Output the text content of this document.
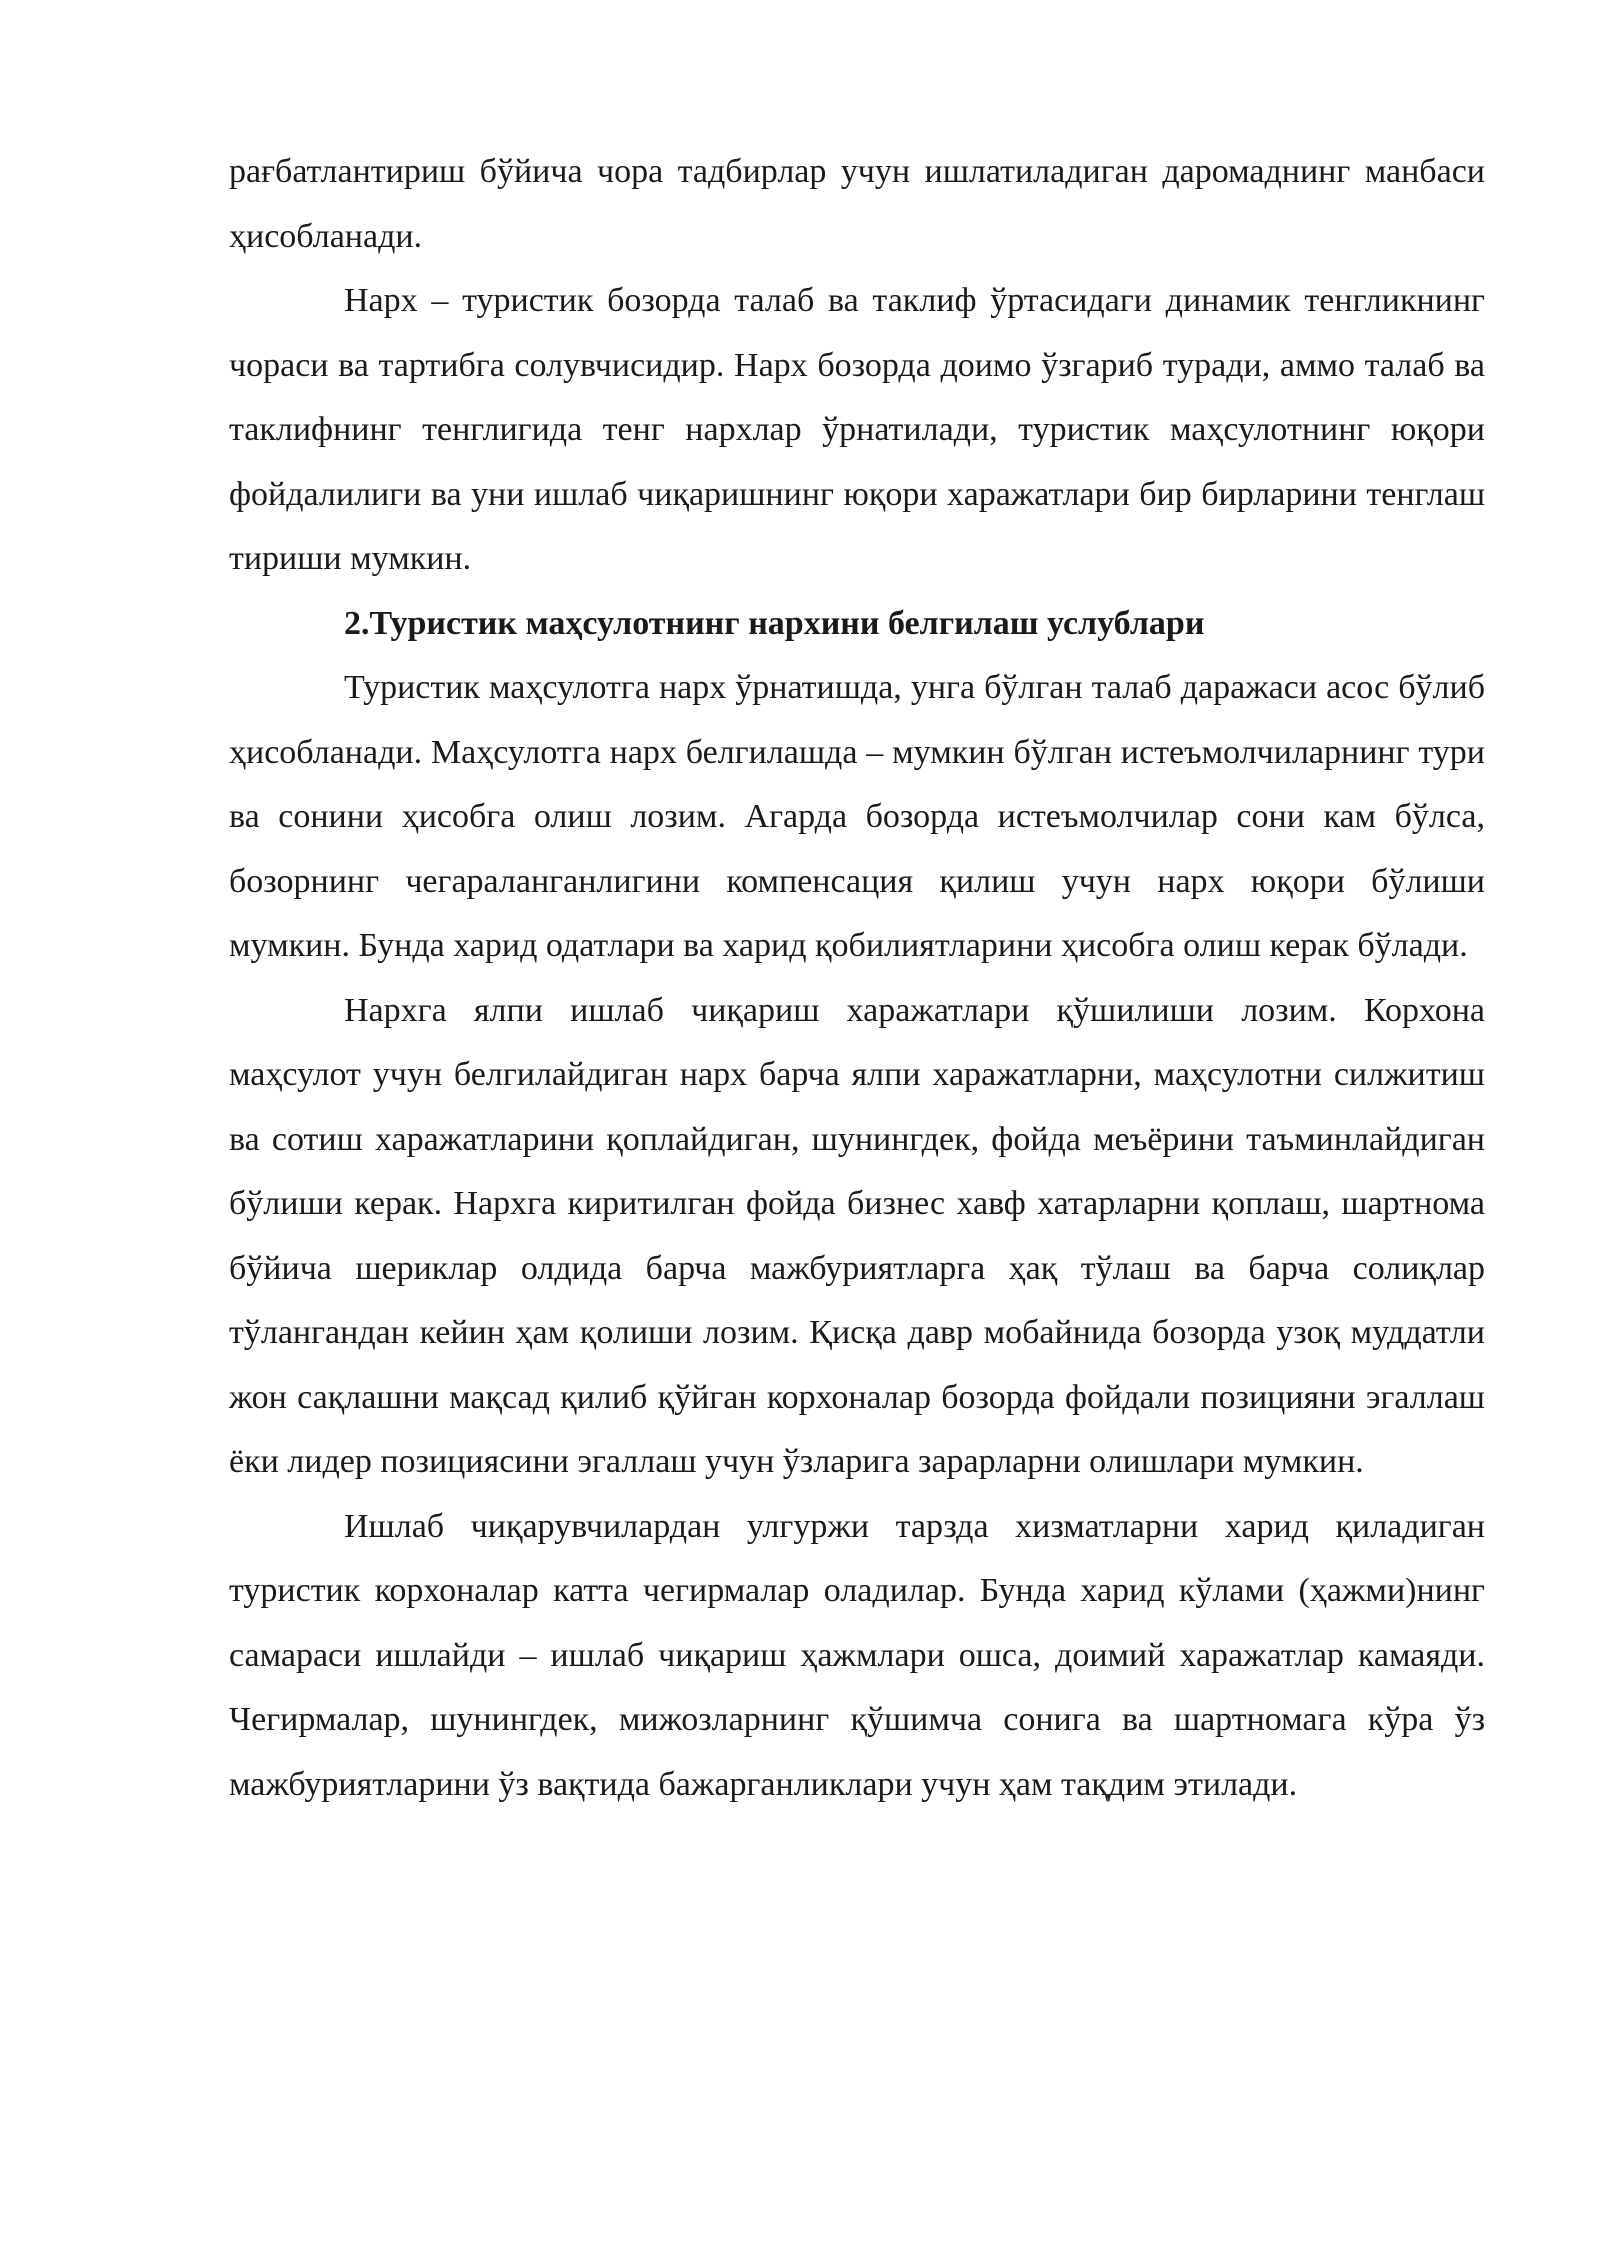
рағбатлантириш бўйича чора тадбирлар учун ишлатиладиган даромаднинг манбаси ҳисобланади.

Нарх – туристик бозорда талаб ва таклиф ўртасидаги динамик тенгликнинг чораси ва тартибга солувчисидир. Нарх бозорда доимо ўзгариб туради, аммо талаб ва таклифнинг тенглигида тенг нархлар ўрнатилади, туристик маҳсулотнинг юқори фойдалилиги ва уни ишлаб чиқаришнинг юқори харажатлари бир бирларини тенглаш тириши мумкин.

2.Туристик маҳсулотнинг нархини белгилаш услублари

Туристик маҳсулотга нарх ўрнатишда, унга бўлган талаб даражаси асос бўлиб ҳисобланади. Маҳсулотга нарх белгилашда – мумкин бўлган истеъмолчиларнинг тури ва сонини ҳисобга олиш лозим. Агарда бозорда истеъмолчилар сони кам бўлса, бозорнинг чегараланганлигини компенсация қилиш учун нарх юқори бўлиши мумкин. Бунда харид одатлари ва харид қобилиятларини ҳисобга олиш керак бўлади.

Нархга ялпи ишлаб чиқариш харажатлари қўшилиши лозим. Корхона маҳсулот учун белгилайдиган нарх барча ялпи харажатларни, маҳсулотни силжитиш ва сотиш харажатларини қоплайдиган, шунингдек, фойда меъёрини таъминлайдиган бўлиши керак. Нархга киритилган фойда бизнес хавф хатарларни қоплаш, шартнома бўйича шериклар олдида барча мажбуриятларга ҳақ тўлаш ва барча солиқлар тўлангандан кейин ҳам қолиши лозим. Қисқа давр мобайнида бозорда узоқ муддатли жон сақлашни мақсад қилиб қўйган корхоналар бозорда фойдали позицияни эгаллаш ёки лидер позициясини эгаллаш учун ўзларига зарарларни олишлари мумкин.

Ишлаб чиқарувчилардан улгуржи тарзда хизматларни харид қиладиган туристик корхоналар катта чегирмалар оладилар. Бунда харид кўлами (ҳажми)нинг самараси ишлайди – ишлаб чиқариш ҳажмлари ошса, доимий харажатлар камаяди. Чегирмалар, шунингдек, мижозларнинг қўшимча сонига ва шартномага кўра ўз мажбуриятларини ўз вақтида бажарганликлари учун ҳам тақдим этилади.
